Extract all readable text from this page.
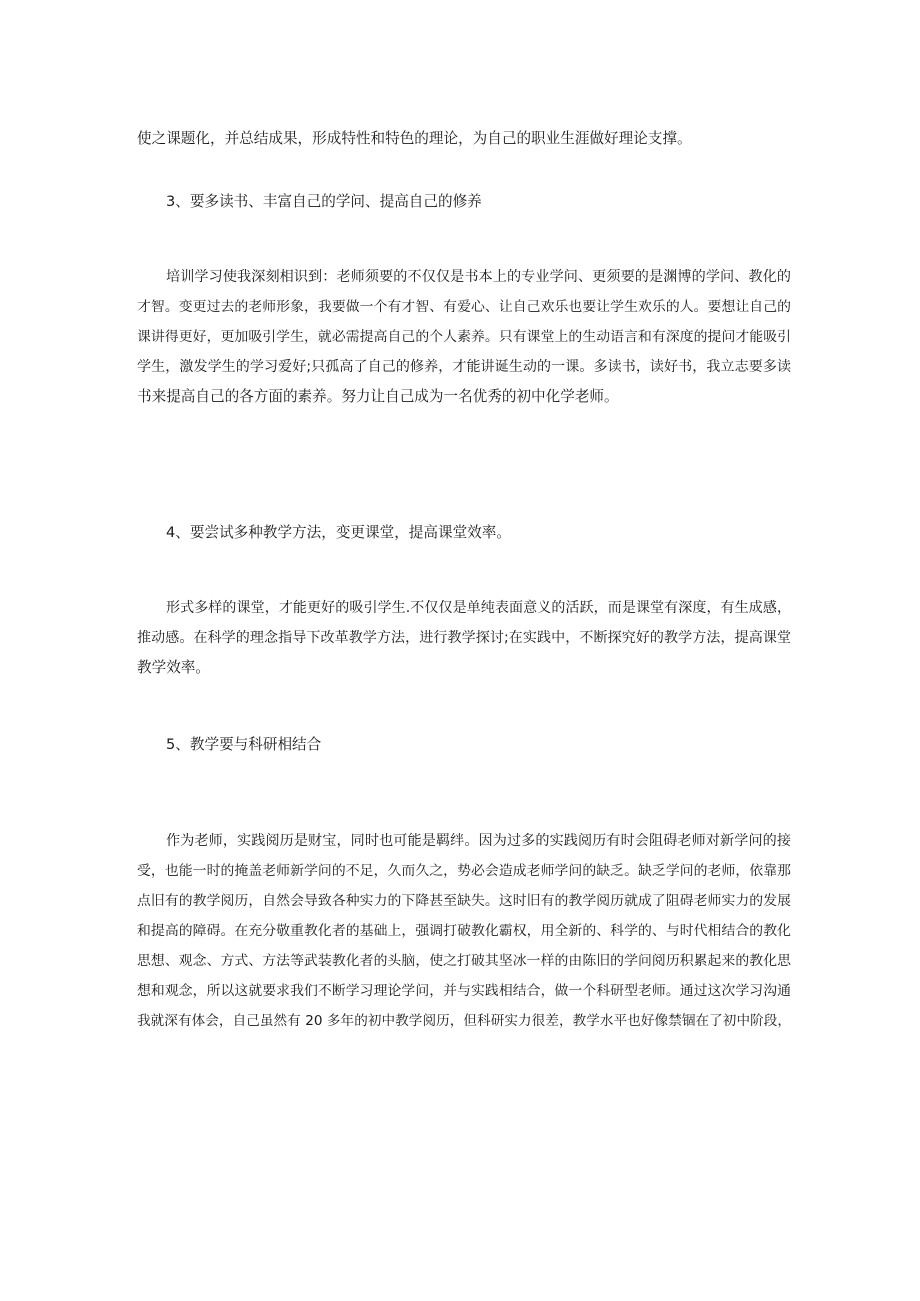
使之课题化，并总结成果，形成特性和特色的理论，为自己的职业生涯做好理论支撑。

3、要多读书、丰富自己的学问、提高自己的修养

培训学习使我深刻相识到：老师须要的不仅仅是书本上的专业学问、更须要的是渊博的学问、教化的
才智。变更过去的老师形象，我要做一个有才智、有爱心、让自己欢乐也要让学生欢乐的人。要想让自己的
课讲得更好，更加吸引学生，就必需提高自己的个人素养。只有课堂上的生动语言和有深度的提问才能吸引
学生，激发学生的学习爱好;只孤高了自己的修养，才能讲诞生动的一课。多读书，读好书，我立志要多读
书来提高自己的各方面的素养。努力让自己成为一名优秀的初中化学老师。

4、要尝试多种教学方法，变更课堂，提高课堂效率。

形式多样的课堂，才能更好的吸引学生.不仅仅是单纯表面意义的活跃，而是课堂有深度，有生成感，
推动感。在科学的理念指导下改革教学方法，进行教学探讨;在实践中，不断探究好的教学方法，提高课堂
教学效率。

5、教学要与科研相结合

作为老师，实践阅历是财宝，同时也可能是羁绊。因为过多的实践阅历有时会阻碍老师对新学问的接
受，也能一时的掩盖老师新学问的不足，久而久之，势必会造成老师学问的缺乏。缺乏学问的老师，依靠那
点旧有的教学阅历，自然会导致各种实力的下降甚至缺失。这时旧有的教学阅历就成了阻碍老师实力的发展
和提高的障碍。在充分敬重教化者的基础上，强调打破教化霸权，用全新的、科学的、与时代相结合的教化
思想、观念、方式、方法等武装教化者的头脑，使之打破其坚冰一样的由陈旧的学问阅历积累起来的教化思
想和观念，所以这就要求我们不断学习理论学问，并与实践相结合，做一个科研型老师。通过这次学习沟通
我就深有体会，自己虽然有 20 多年的初中教学阅历，但科研实力很差，教学水平也好像禁锢在了初中阶段，
